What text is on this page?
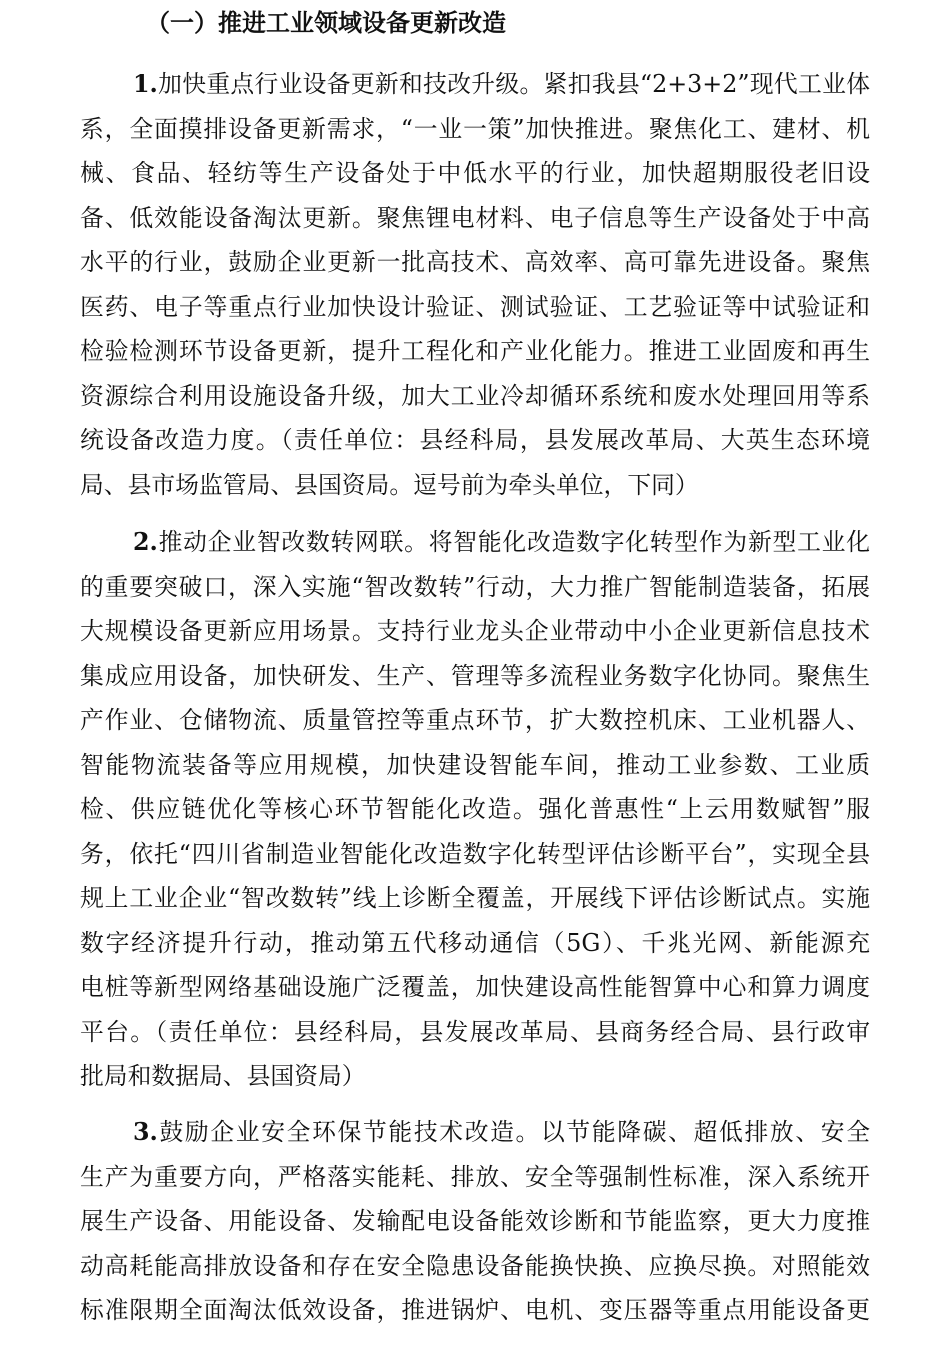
（一）推进工业领域设备更新改造
1.加快重点行业设备更新和技改升级。紧扣我县“2+3+2”现代工业体
系，全面摸排设备更新需求，“一业一策”加快推进。聚焦化工、建材、机
械、食品、轻纺等生产设备处于中低水平的行业，加快超期服役老旧设
备、低效能设备淘汰更新。聚焦锂电材料、电子信息等生产设备处于中高
水平的行业，鼓励企业更新一批高技术、高效率、高可靠先进设备。聚焦
医药、电子等重点行业加快设计验证、测试验证、工艺验证等中试验证和
检验检测环节设备更新，提升工程化和产业化能力。推进工业固废和再生
资源综合利用设施设备升级，加大工业冷却循环系统和废水处理回用等系
统设备改造力度。（责任单位：县经科局，县发展改革局、大英生态环境
局、县市场监管局、县国资局。逗号前为牵头单位，下同）
2.推动企业智改数转网联。将智能化改造数字化转型作为新型工业化
的重要突破口，深入实施“智改数转”行动，大力推广智能制造装备，拓展
大规模设备更新应用场景。支持行业龙头企业带动中小企业更新信息技术
集成应用设备，加快研发、生产、管理等多流程业务数字化协同。聚焦生
产作业、仓储物流、质量管控等重点环节，扩大数控机床、工业机器人、
智能物流装备等应用规模，加快建设智能车间，推动工业参数、工业质
检、供应链优化等核心环节智能化改造。强化普惠性“上云用数赋智”服
务，依托“四川省制造业智能化改造数字化转型评估诊断平台”，实现全县
规上工业企业“智改数转”线上诊断全覆盖，开展线下评估诊断试点。实施
数字经济提升行动，推动第五代移动通信（5G）、千兆光网、新能源充
电桩等新型网络基础设施广泛覆盖，加快建设高性能智算中心和算力调度
平台。（责任单位：县经科局，县发展改革局、县商务经合局、县行政审
批局和数据局、县国资局）
3.鼓励企业安全环保节能技术改造。以节能降碳、超低排放、安全
生产为重要方向，严格落实能耗、排放、安全等强制性标准，深入系统开
展生产设备、用能设备、发输配电设备能效诊断和节能监察，更大力度推
动高耗能高排放设备和存在安全隐患设备能换快换、应换尽换。对照能效
标准限期全面淘汰低效设备，推进锅炉、电机、变压器等重点用能设备更
